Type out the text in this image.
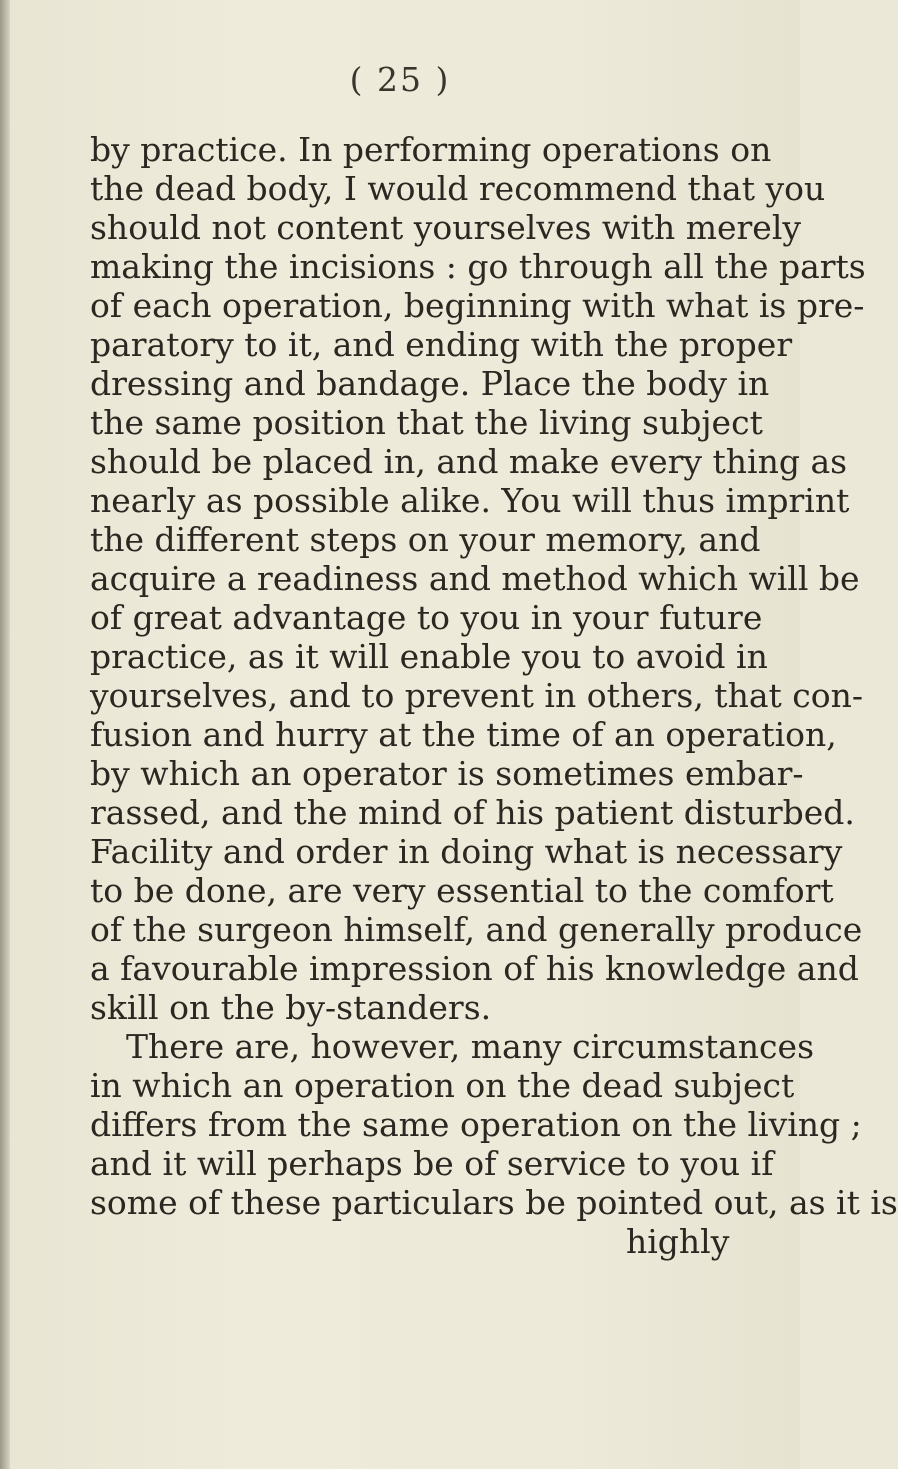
( 25 )
by practice. In performing operations on
the dead body, I would recommend that you
should not content yourselves with merely
making the incisions : go through all the parts
of each operation, beginning with what is pre-
paratory to it, and ending with the proper
dressing and bandage. Place the body in
the same position that the living subject
should be placed in, and make every thing as
nearly as possible alike. You will thus imprint
the different steps on your memory, and
acquire a readiness and method which will be
of great advantage to you in your future
practice, as it will enable you to avoid in
yourselves, and to prevent in others, that con-
fusion and hurry at the time of an operation,
by which an operator is sometimes embar-
rassed, and the mind of his patient disturbed.
Facility and order in doing what is necessary
to be done, are very essential to the comfort
of the surgeon himself, and generally produce
a favourable impression of his knowledge and
skill on the by-standers.
There are, however, many circumstances
in which an operation on the dead subject
differs from the same operation on the living ;
and it will perhaps be of service to you if
some of these particulars be pointed out, as it is
highly
